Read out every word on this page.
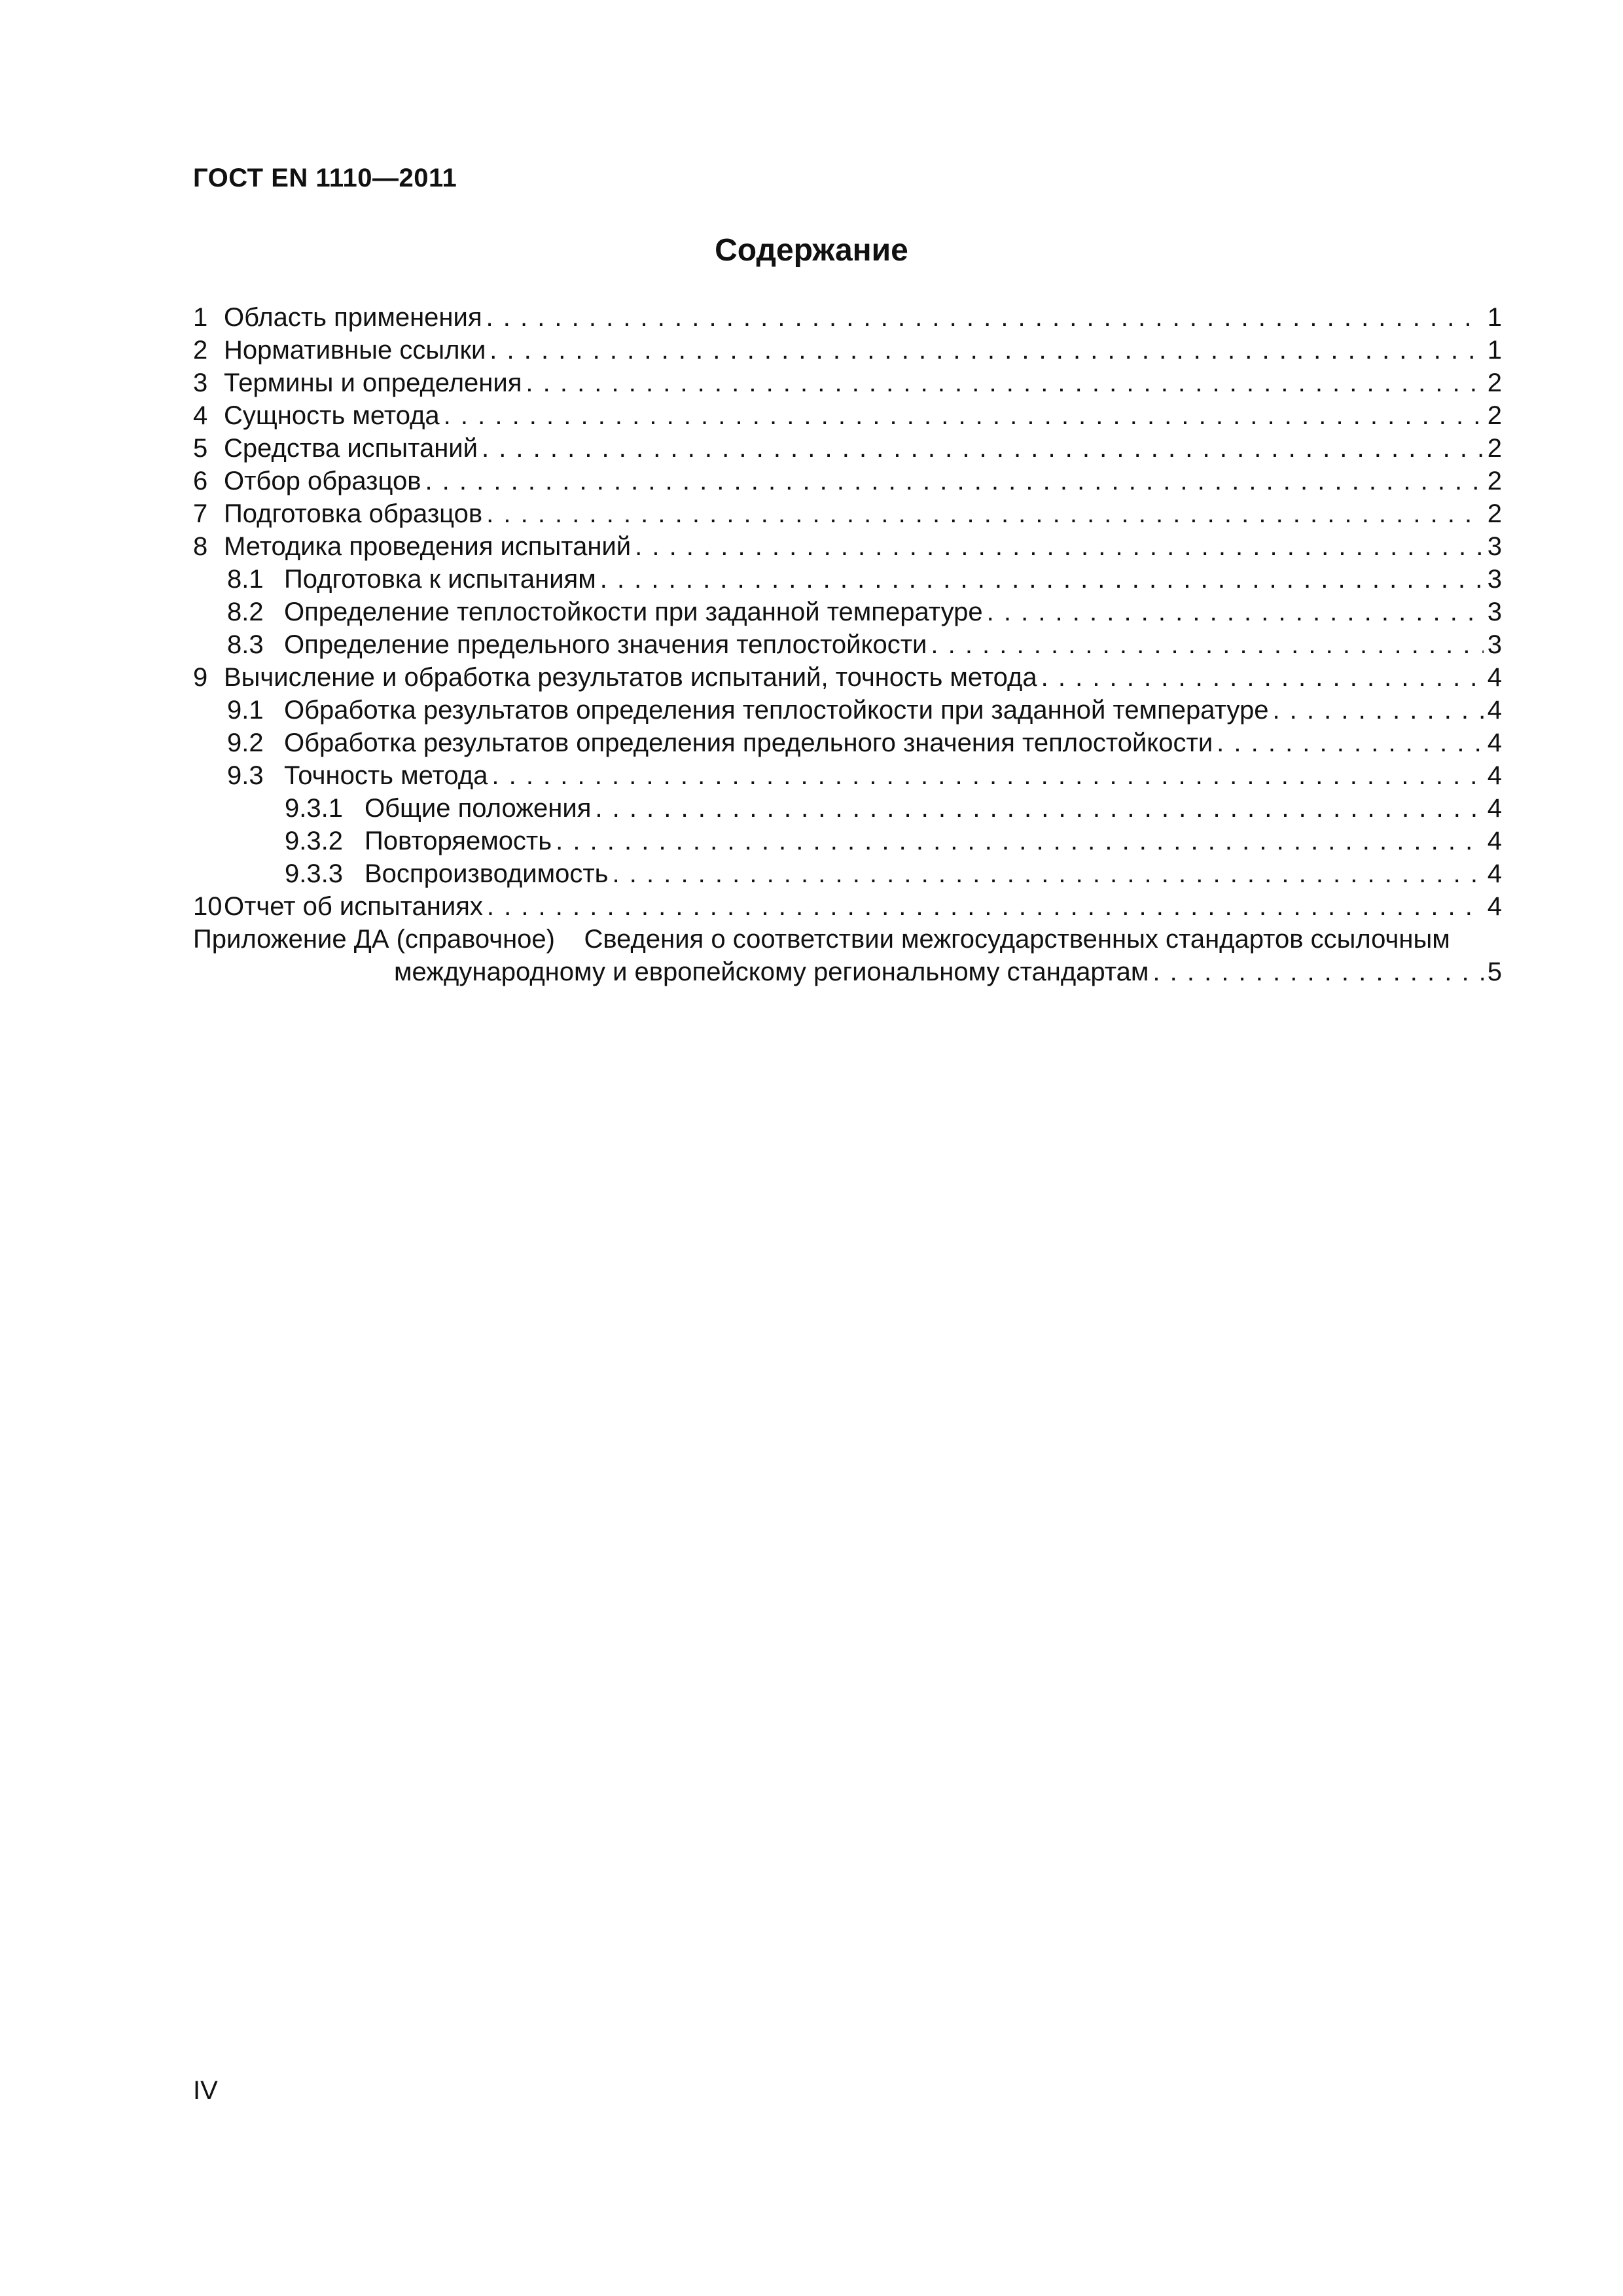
ГОСТ EN 1110—2011
Содержание
1 Область применения . . .	1
2 Нормативные ссылки . . .	1
3 Термины и определения . . .	2
4 Сущность метода . . .	2
5 Средства испытаний . . .	2
6 Отбор образцов . . .	2
7 Подготовка образцов . . .	2
8 Методика проведения испытаний . . .	3
8.1 Подготовка к испытаниям . . .	3
8.2 Определение теплостойкости при заданной температуре . . .	3
8.3 Определение предельного значения теплостойкости . . .	3
9 Вычисление и обработка результатов испытаний, точность метода . . .	4
9.1 Обработка результатов определения теплостойкости при заданной температуре . . .	4
9.2 Обработка результатов определения предельного значения теплостойкости . . .	4
9.3 Точность метода . . .	4
9.3.1 Общие положения . . .	4
9.3.2 Повторяемость . . .	4
9.3.3 Воспроизводимость . . .	4
10 Отчет об испытаниях . . .	4
Приложение ДА (справочное) Сведения о соответствии межгосударственных стандартов ссылочным
международному и европейскому региональному стандартам . . .	5
IV
